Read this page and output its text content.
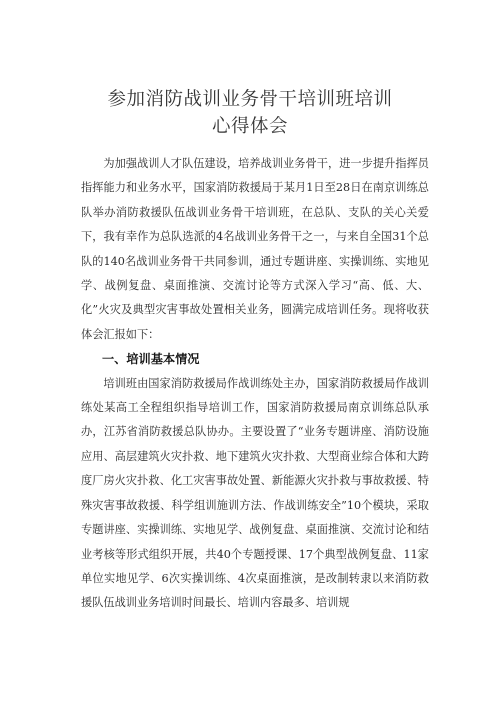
参加消防战训业务骨干培训班培训
心得体会

为加强战训人才队伍建设，培养战训业务骨干，进一步提升指挥员指挥能力和业务水平，国家消防救援局于某月1日至28日在南京训练总队举办消防救援队伍战训业务骨干培训班，在总队、支队的关心关爱下，我有幸作为总队选派的4名战训业务骨干之一，与来自全国31个总队的140名战训业务骨干共同参训，通过专题讲座、实操训练、实地见学、战例复盘、桌面推演、交流讨论等方式深入学习“高、低、大、化”火灾及典型灾害事故处置相关业务，圆满完成培训任务。现将收获体会汇报如下：

一、培训基本情况

培训班由国家消防救援局作战训练处主办，国家消防救援局作战训练处某高工全程组织指导培训工作，国家消防救援局南京训练总队承办，江苏省消防救援总队协办。主要设置了“业务专题讲座、消防设施应用、高层建筑火灾扑救、地下建筑火灾扑救、大型商业综合体和大跨度厂房火灾扑救、化工灾害事故处置、新能源火灾扑救与事故救援、特殊灾害事故救援、科学组训施训方法、作战训练安全”10个模块，采取专题讲座、实操训练、实地见学、战例复盘、桌面推演、交流讨论和结业考核等形式组织开展，共40个专题授课、17个典型战例复盘、11家单位实地见学、6次实操训练、4次桌面推演，是改制转隶以来消防救援队伍战训业务培训时间最长、培训内容最多、培训规
